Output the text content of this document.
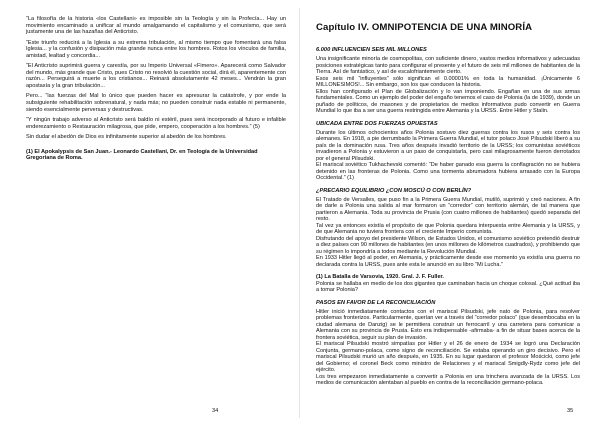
“La filosofía de la historia «los Castellani» es imposible sin la Teología y sin la Profecía... Hay un movimiento encaminado a unificar al mundo amalgamando el capitalismo y el comunismo, que será justamente una de las hazañas del Anticristo.

“Este triunfo reducirá a la Iglesia a su extrema tribulación, al mismo tiempo que fomentará una falsa Iglesia... y la confusión y disipación más grande nunca entre los hombres. Rotos los vínculos de familia, amistad, lealtad y concordia...

“El Anticristo suprimirá guerra y carestía, por su Imperio Universal «Fimero». Aparecerá como Salvador del mundo, más grande que Cristo, pues Cristo no resolvió la cuestión social, dirá él, aparentemente con razón... Perseguirá a muerte a los cristianos... Reinará absolutamente 42 meses... Vendrán la gran apostasía y la gran tribulación...

Pero... “las fuerzas del Mal lo único que pueden hacer es apresurar la catástrofe, y por ende la subsiguiente rehabilitación sobrenatural, y nada más; no pueden construir nada estable ni permanente, siendo esencialmente perversas y destructivas.

“Y ningún trabajo adverso al Anticristo será baldío ni estéril, pues será incorporado al futuro e infalible enderezamiento o Restauración milagrosa, que pide, empero, cooperación a los hombres.” (5)

Sin dudar el abedón de Dios es infinitamente superior al abedón de los hombres.

(1) El Apokalypsis de San Juan.- Leonardo Castellani, Dr. en Teología de la Universidad Gregoriana de Roma.

34
Capítulo IV. OMNIPOTENCIA DE UNA MINORÍA
6.000 INFLUENCIEN SEIS MIL MILLONES

Una insignificante minoría de cosmopolitas, con suficiente dinero, vastos medios informativos y adecuadas posiciones estratégicas tanto para configurar el presente y el futuro de seis mil millones de habitantes de la Tierra. Así de fantástico, y así de escalofriantemente cierto.

Esos seis mil “influyentes” sólo significan el 0.00001% en toda la humanidad. ¡Únicamente 6 MILLONESIMOS!... Sin embargo, son los que conducen la historia.

Ellos han configurado el Plan de Globalización y lo van imponiendo. Engañan en una de sus armas fundamentales. Como un ejemplo del poder del engaño tenemos el caso de Polonia (la de 1939), donde un puñado de políticos, de masones y de propietarios de medios informativos pudo convertir en Guerra Mundial lo que iba a ser una guerra restringida entre Alemania y la URSS. Entre Hitler y Stalin.

UBICADA ENTRE DOS FUERZAS OPUESTAS

Durante los últimos ochocientos años Polonia sostuvo diez guerras contra los rusos y seis contra los alemanes. En 1918, a pie derrumbado la Primera Guerra Mundial, el tutor polaco José Pilsudski liberó a su país de la dominación rusa. Tres años después invadió territorio de la URSS; los comunistas soviéticos invadieron a Polonia y estuvieron a un paso de conquistarla, pero casi milagrosamente fueron derrotados por el general Pilsudski.

El mariscal soviético Tukhachevski comentó: “De haber ganado esa guerra la conflagración no se hubiera detenido en las fronteras de Polonia. Como una tormenta abrumadora hubiera arrasado con la Europa Occidental.” (1)

¿PRECARIO EQUILIBRIO ¿CON MOSCÚ O CON BERLÍN?

El Tratado de Versalles, que puso fin a la Primera Guerra Mundial, mutiló, suprimió y creó naciones. A fin de darle a Polonia una salida al mar formaron un “corredor” con territorio alemán, de tal manera que partieron a Alemania. Toda su provincia de Prusia (con cuatro millones de habitantes) quedó separada del resto.

Tal vez ya entonces existía el propósito de que Polonia quedara interpuesta entre Alemania y la URSS, y de que Alemania no tuviera frontera con el creciente Imperio comunista.

Disfrutando del apoyo del presidente Wilson, de Estados Unidos, el comunismo soviético pretendió destruir a diez países con 90 millones de habitantes (en unos millones de kilómetros cuadrados), y prohibiendo que su régimen lo impondría a todos mediante la Revolución Mundial.

En 1933 Hitler llegó al poder, en Alemania, y prácticamente desde ese momento ya existía una guerra no declarada contra la URSS, pues ante esta le anunció en su libro “Mi Lucha.”

(1) La Batalla de Varsovia, 1920. Gral. J. F. Fuller.

Polonia se hallaba en medio de los dos gigantes que caminaban hacia un choque colosal. ¿Qué actitud iba a tomar Polonia?

PASOS EN FAVOR DE LA RECONCILIACIÓN

Hitler inició inmediatamente contactos con el mariscal Pilsudski, jefe nato de Polonia, para resolver problemas fronterizos. Particularmente, querían ver a través del “corredor polaco” (que desembocaba en la ciudad alemana de Danzig) se le permitiera construir un ferrocarril y una carretera para comunicar a Alemania con su provincia de Prusia. Esto era indispensable -afirmaba- a fin de situar bases acerca de la frontera soviética, seguir su plan de invasión.

El mariscal Pilsudski mostró simpatías por Hitler y el 26 de enero de 1934 se logró una Declaración Conjunta, germano-polaca, como signo de reconciliación. Se estaba operando un giro decisivo. Pero el mariscal Pilsudski murió un año después, en 1935. En su lugar quedaron el profesor Mościcki, como jefe del Gobierno; el coronel Beck como ministro de Relaciones y el mariscal Smigdly-Rydz como jefe del ejército.

Los tres empezaron inmediatamente a convertir a Polonia en una trinchera avanzada de la URSS. Los medios de comunicación alentaban al pueblo en contra de la reconciliación germano-polaca.

35
